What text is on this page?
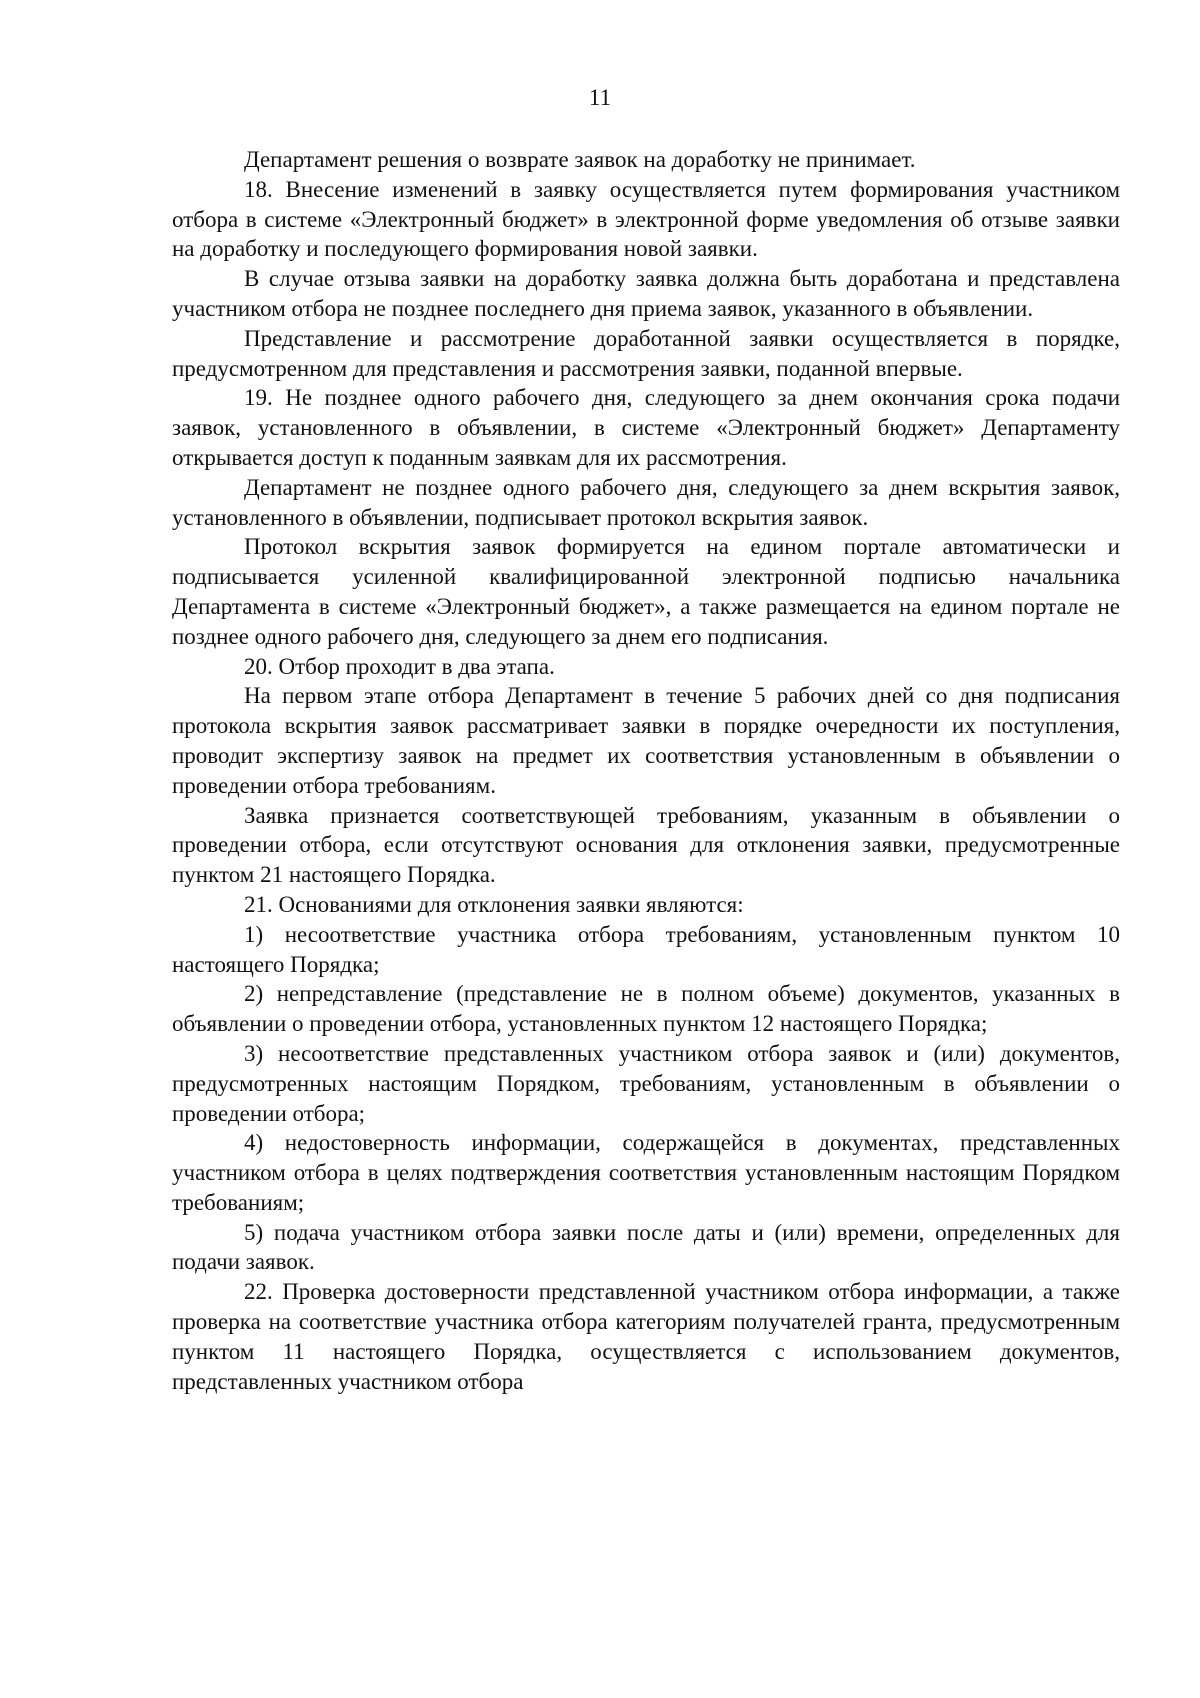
11

Департамент решения о возврате заявок на доработку не принимает.

18. Внесение изменений в заявку осуществляется путем формирования участником отбора в системе «Электронный бюджет» в электронной форме уведомления об отзыве заявки на доработку и последующего формирования новой заявки.

В случае отзыва заявки на доработку заявка должна быть доработана и представлена участником отбора не позднее последнего дня приема заявок, указанного в объявлении.

Представление и рассмотрение доработанной заявки осуществляется в порядке, предусмотренном для представления и рассмотрения заявки, поданной впервые.

19. Не позднее одного рабочего дня, следующего за днем окончания срока подачи заявок, установленного в объявлении, в системе «Электронный бюджет» Департаменту открывается доступ к поданным заявкам для их рассмотрения.

Департамент не позднее одного рабочего дня, следующего за днем вскрытия заявок, установленного в объявлении, подписывает протокол вскрытия заявок.

Протокол вскрытия заявок формируется на едином портале автоматически и подписывается усиленной квалифицированной электронной подписью начальника Департамента в системе «Электронный бюджет», а также размещается на едином портале не позднее одного рабочего дня, следующего за днем его подписания.

20. Отбор проходит в два этапа.

На первом этапе отбора Департамент в течение 5 рабочих дней со дня подписания протокола вскрытия заявок рассматривает заявки в порядке очередности их поступления, проводит экспертизу заявок на предмет их соответствия установленным в объявлении о проведении отбора требованиям.

Заявка признается соответствующей требованиям, указанным в объявлении о проведении отбора, если отсутствуют основания для отклонения заявки, предусмотренные пунктом 21 настоящего Порядка.

21. Основаниями для отклонения заявки являются:

1) несоответствие участника отбора требованиям, установленным пунктом 10 настоящего Порядка;

2) непредставление (представление не в полном объеме) документов, указанных в объявлении о проведении отбора, установленных пунктом 12 настоящего Порядка;

3) несоответствие представленных участником отбора заявок и (или) документов, предусмотренных настоящим Порядком, требованиям, установленным в объявлении о проведении отбора;

4) недостоверность информации, содержащейся в документах, представленных участником отбора в целях подтверждения соответствия установленным настоящим Порядком требованиям;

5) подача участником отбора заявки после даты и (или) времени, определенных для подачи заявок.

22. Проверка достоверности представленной участником отбора информации, а также проверка на соответствие участника отбора категориям получателей гранта, предусмотренным пунктом 11 настоящего Порядка, осуществляется с использованием документов, представленных участником отбора
